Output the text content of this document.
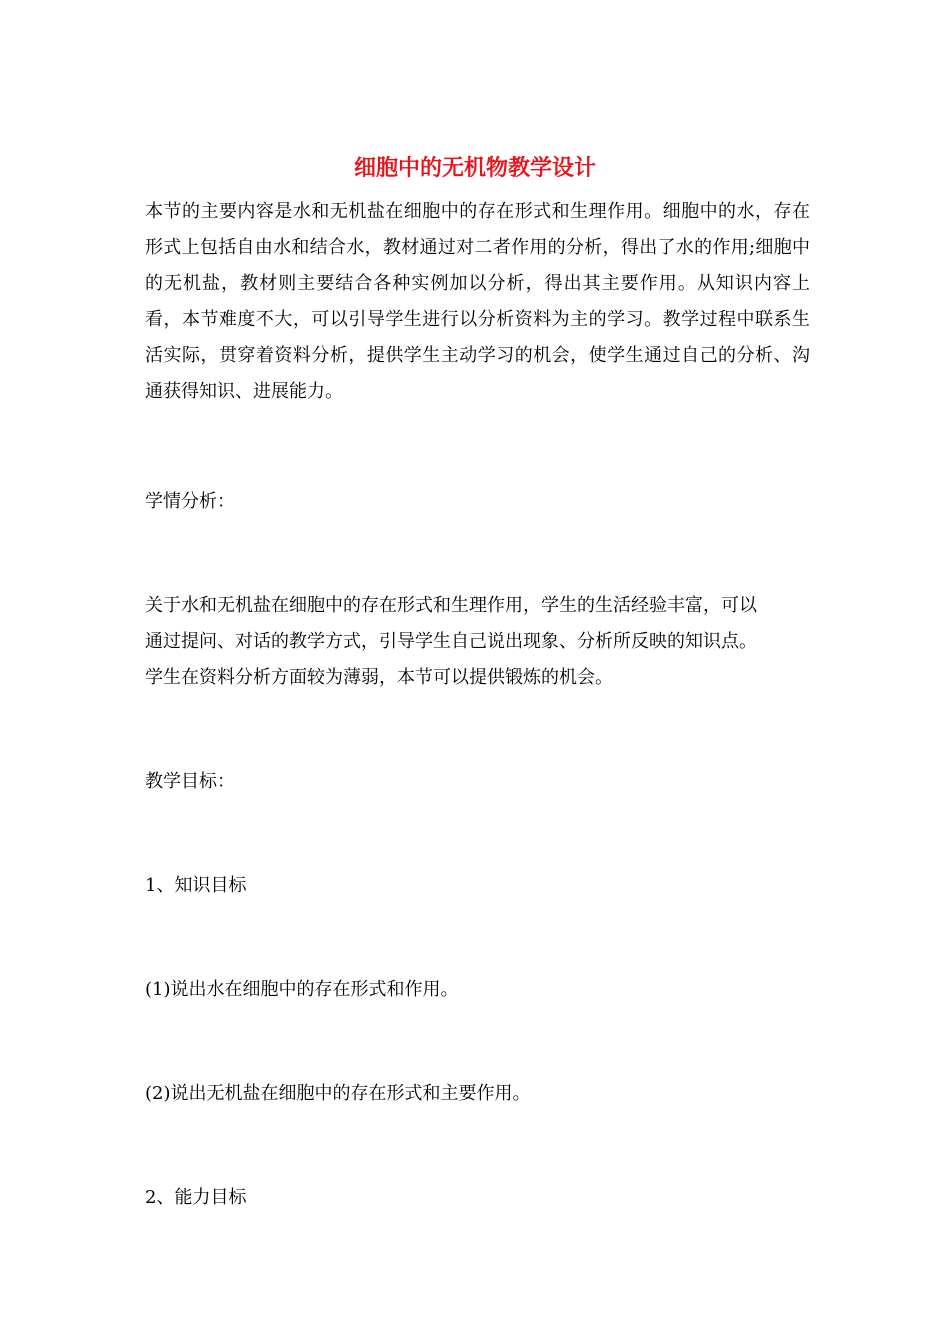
细胞中的无机物教学设计

本节的主要内容是水和无机盐在细胞中的存在形式和生理作用。细胞中的水，存在形式上包括自由水和结合水，教材通过对二者作用的分析，得出了水的作用;细胞中的无机盐，教材则主要结合各种实例加以分析，得出其主要作用。从知识内容上看，本节难度不大，可以引导学生进行以分析资料为主的学习。教学过程中联系生活实际，贯穿着资料分析，提供学生主动学习的机会，使学生通过自己的分析、沟通获得知识、进展能力。

学情分析：
关于水和无机盐在细胞中的存在形式和生理作用，学生的生活经验丰富，可以
通过提问、对话的教学方式，引导学生自己说出现象、分析所反映的知识点。
学生在资料分析方面较为薄弱，本节可以提供锻炼的机会。
教学目标：
1、知识目标
(1)说出水在细胞中的存在形式和作用。
(2)说出无机盐在细胞中的存在形式和主要作用。
2、能力目标
